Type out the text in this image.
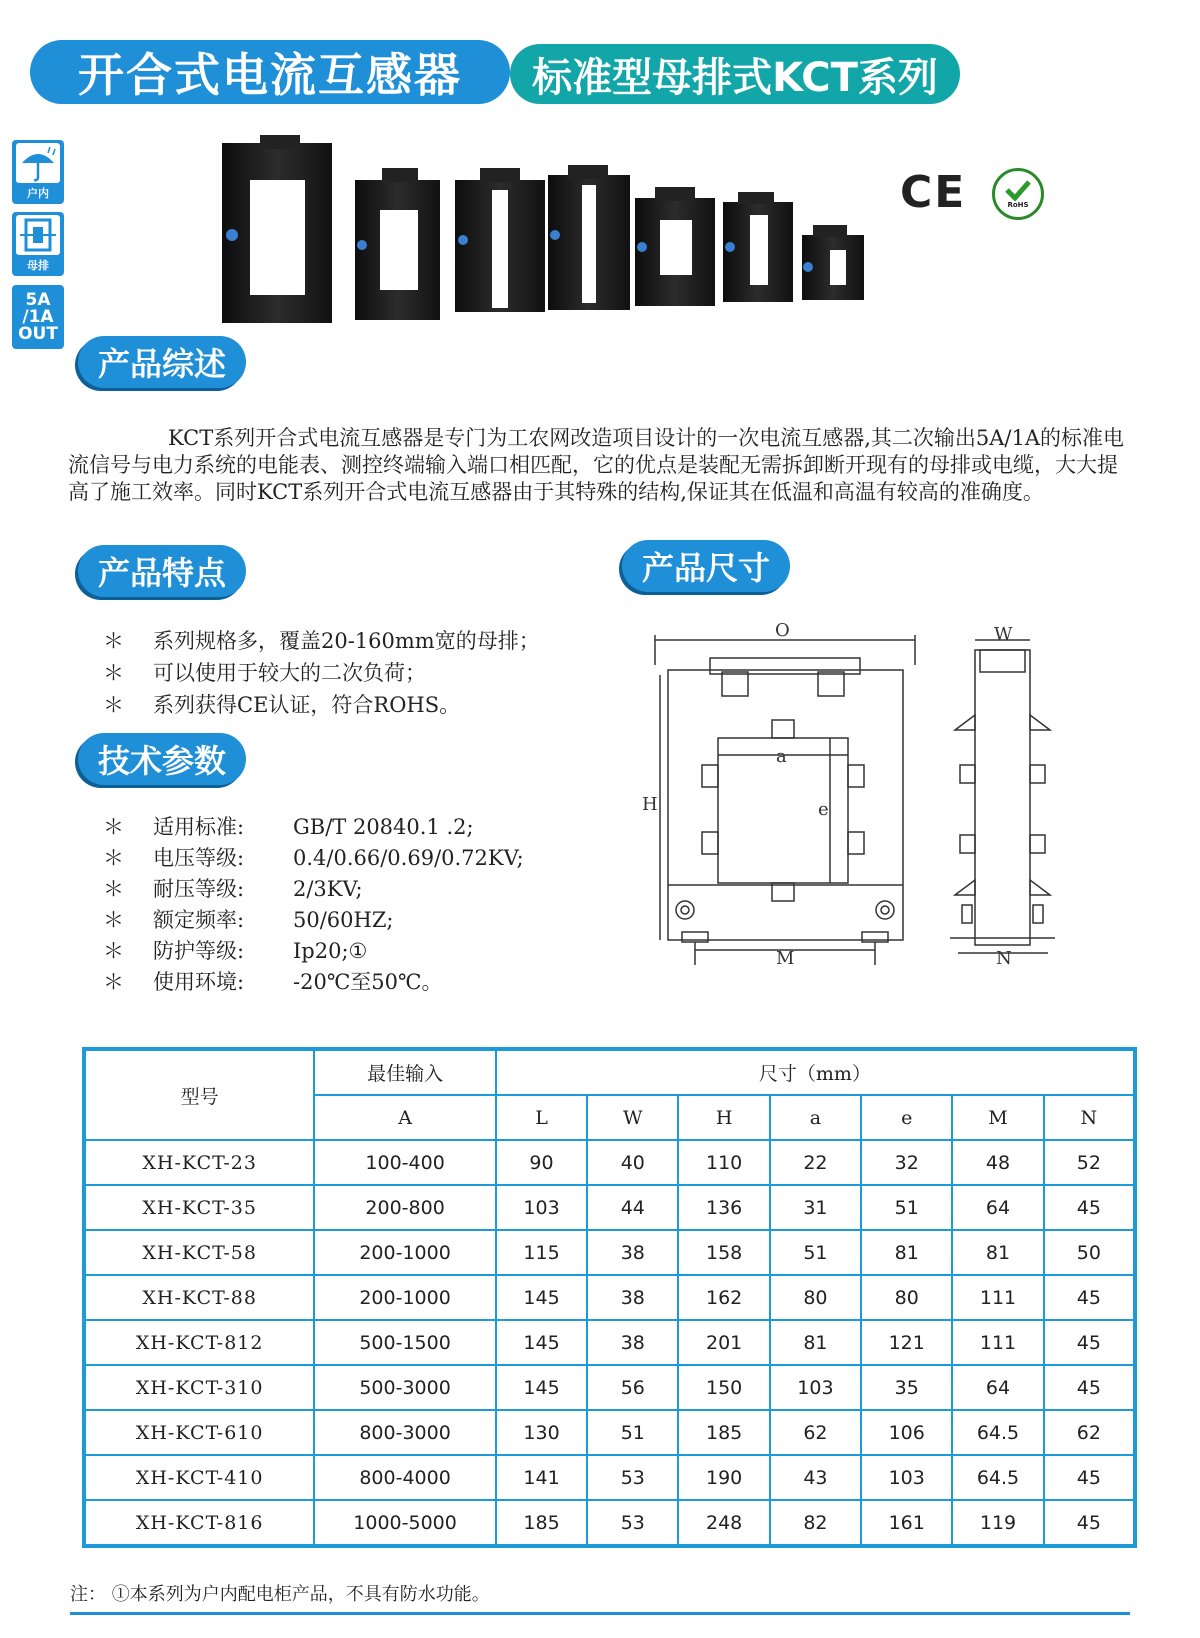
开合式电流互感器 标准型母排式KCT系列
户内
母排
5A
/1A
OUT
CE	RoHS
产品综述
KCT系列开合式电流互感器是专门为工农网改造项目设计的一次电流互感器,其二次输出5A/1A的标准电流信号与电力系统的电能表、测控终端输入端口相匹配，它的优点是装配无需拆卸断开现有的母排或电缆，大大提高了施工效率。同时KCT系列开合式电流互感器由于其特殊的结构,保证其在低温和高温有较高的准确度。
产品特点
＊	系列规格多，覆盖20-160mm宽的母排；
＊	可以使用于较大的二次负荷；
＊	系列获得CE认证，符合ROHS。
技术参数
＊	适用标准:	GB/T 20840.1 .2;
＊	电压等级:	0.4/0.66/0.69/0.72KV;
＊	耐压等级:	2/3KV;
＊	额定频率:	50/60HZ;
＊	防护等级:	Ip20;①
＊	使用环境:	-20℃至50℃。
产品尺寸
O	W
a
e
H
M	N
型号	最佳输入	尺寸（mm）						
	A	L	W	H	a	e	M	N
XH-KCT-23	100-400	90	40	110	22	32	48	52
XH-KCT-35	200-800	103	44	136	31	51	64	45
XH-KCT-58	200-1000	115	38	158	51	81	81	50
XH-KCT-88	200-1000	145	38	162	80	80	111	45
XH-KCT-812	500-1500	145	38	201	81	121	111	45
XH-KCT-310	500-3000	145	56	150	103	35	64	45
XH-KCT-610	800-3000	130	51	185	62	106	64.5	62
XH-KCT-410	800-4000	141	53	190	43	103	64.5	45
XH-KCT-816	1000-5000	185	53	248	82	161	119	45
注： ①本系列为户内配电柜产品，不具有防水功能。
